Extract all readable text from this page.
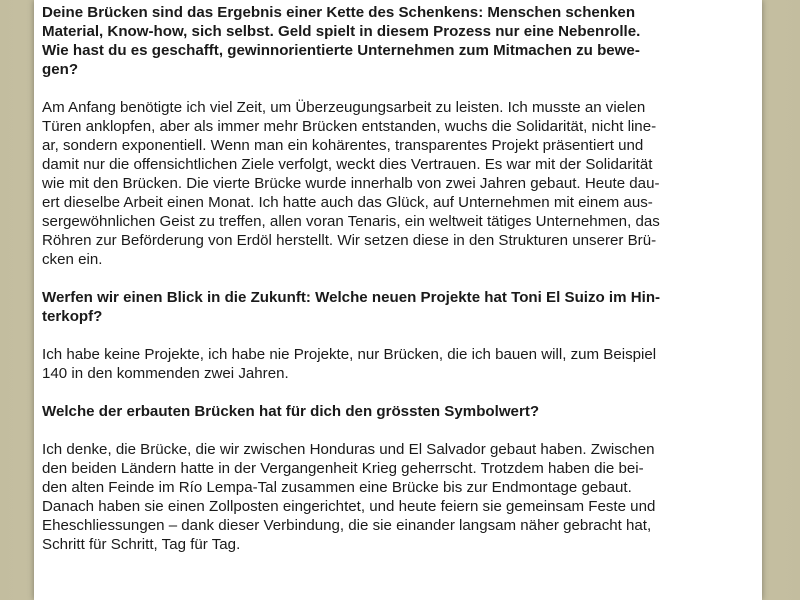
Deine Brücken sind das Ergebnis einer Kette des Schenkens: Menschen schenken
Material, Know-how, sich selbst. Geld spielt in diesem Prozess nur eine Nebenrolle.
Wie hast du es geschafft, gewinnorientierte Unternehmen zum Mitmachen zu bewe-
gen?

Am Anfang benötigte ich viel Zeit, um Überzeugungsarbeit zu leisten. Ich musste an vielen
Türen anklopfen, aber als immer mehr Brücken entstanden, wuchs die Solidarität, nicht line-
ar, sondern exponentiell. Wenn man ein kohärentes, transparentes Projekt präsentiert und
damit nur die offensichtlichen Ziele verfolgt, weckt dies Vertrauen. Es war mit der Solidarität
wie mit den Brücken. Die vierte Brücke wurde innerhalb von zwei Jahren gebaut. Heute dau-
ert dieselbe Arbeit einen Monat. Ich hatte auch das Glück, auf Unternehmen mit einem aus-
sergewöhnlichen Geist zu treffen, allen voran Tenaris, ein weltweit tätiges Unternehmen, das
Röhren zur Beförderung von Erdöl herstellt. Wir setzen diese in den Strukturen unserer Brü-
cken ein.

Werfen wir einen Blick in die Zukunft: Welche neuen Projekte hat Toni El Suizo im Hin-
terkopf?

Ich habe keine Projekte, ich habe nie Projekte, nur Brücken, die ich bauen will, zum Beispiel
140 in den kommenden zwei Jahren.

Welche der erbauten Brücken hat für dich den grössten Symbolwert?

Ich denke, die Brücke, die wir zwischen Honduras und El Salvador gebaut haben. Zwischen
den beiden Ländern hatte in der Vergangenheit Krieg geherrscht. Trotzdem haben die bei-
den alten Feinde im Río Lempa-Tal zusammen eine Brücke bis zur Endmontage gebaut.
Danach haben sie einen Zollposten eingerichtet, und heute feiern sie gemeinsam Feste und
Eheschliessungen – dank dieser Verbindung, die sie einander langsam näher gebracht hat,
Schritt für Schritt, Tag für Tag.
